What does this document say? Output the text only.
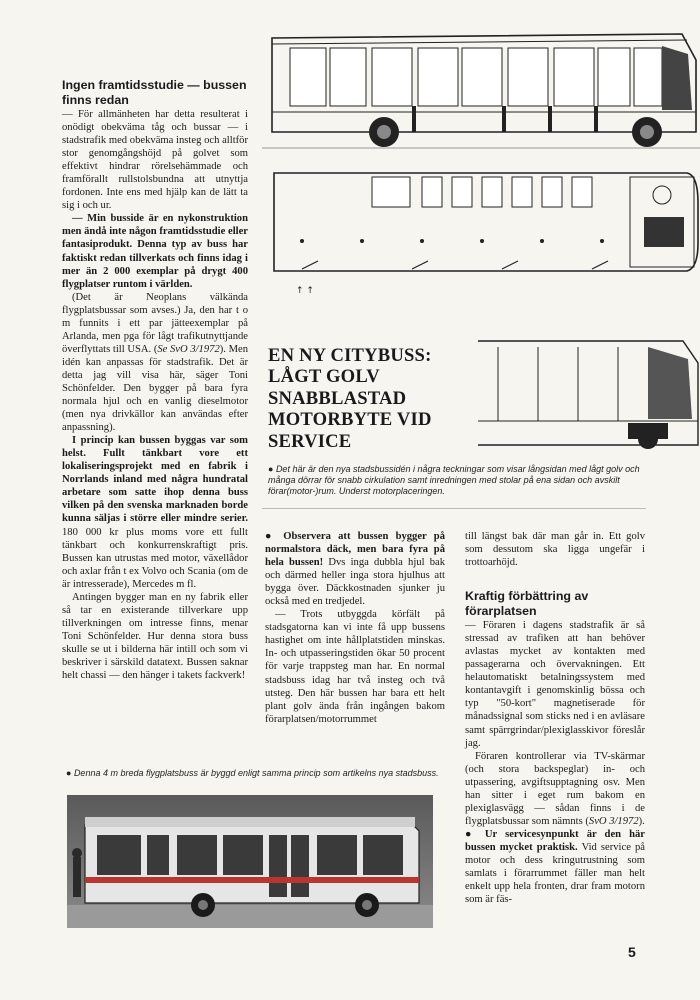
Ingen framtidsstudie — bussen finns redan

— För allmänheten har detta resulterat i onödigt obekväma tåg och bussar — i stadstrafik med obekväma insteg och alltför stor genomgångshöjd på golvet som effektivt hindrar rörelsehämmade och framförallt rullstolsbundna att utnyttja fordonen. Inte ens med hjälp kan de lätt ta sig i och ur.

— Min busside är en nykonstruktion men ändå inte någon framtidsstudie eller fantasiprodukt. Denna typ av buss har faktiskt redan tillverkats och finns idag i mer än 2 000 exemplar på drygt 400 flygplatser runtom i världen.

(Det är Neoplans välkända flygplatsbussar som avses.) Ja, den har t o m funnits i ett par jätteexemplar på Arlanda, men pga för lågt trafikutnyttjande överflyttats till USA. (Se SvO 3/1972). Men idén kan anpassas för stadstrafik. Det är detta jag vill visa här, säger Toni Schönfelder. Den bygger på bara fyra normala hjul och en vanlig dieselmotor (men nya drivkällor kan användas efter anpassning).

I princip kan bussen byggas var som helst. Fullt tänkbart vore ett lokaliseringsprojekt med en fabrik i Norrlands inland med några hundratal arbetare som satte ihop denna buss vilken på den svenska marknaden borde kunna säljas i större eller mindre serier. 180 000 kr plus moms vore ett fullt tänkbart och konkurrenskraftigt pris. Bussen kan utrustas med motor, växellådor och axlar från t ex Volvo och Scania (om de är intresserade), Mercedes m fl.

Antingen bygger man en ny fabrik eller så tar en existerande tillverkare upp tillverkningen om intresse finns, menar Toni Schönfelder. Hur denna stora buss skulle se ut i bilderna här intill och som vi beskriver i särskild datatext. Bussen saknar helt chassi — den hänger i takets fackverk!

↑ ↑
EN NY CITYBUSS: LÅGT GOLV SNABBLASTAD MOTORBYTE VID SERVICE
● Det här är den nya stadsbussidén i några teckningar som visar långsidan med lågt golv och många dörrar för snabb cirkulation samt inredningen med stolar på ena sidan och avskilt förar(motor-)rum. Underst motorplaceringen.

● Observera att bussen bygger på normalstora däck, men bara fyra på hela bussen! Dvs inga dubbla hjul bak och därmed heller inga stora hjulhus att bygga över. Däckkostnaden sjunker ju också med en tredjedel.

— Trots utbyggda körfält på stadsgatorna kan vi inte få upp bussens hastighet om inte hållplatstiden minskas. In- och utpasseringstiden ökar 50 procent för varje trappsteg man har. En normal stadsbuss idag har två insteg och två utsteg. Den här bussen har bara ett helt plant golv ända från ingången bakom förarplatsen/motorrummet

till längst bak där man går in. Ett golv som dessutom ska ligga ungefär i trottoarhöjd.

Kraftig förbättring av förarplatsen

— Föraren i dagens stadstrafik är så stressad av trafiken att han behöver avlastas mycket av kontakten med passagerarna och övervakningen. Ett helautomatiskt betalningssystem med kontantavgift i genomskinlig bössa och typ "50-kort" magnetiserade för månadssignal som sticks ned i en avläsare samt spärrgrindar/plexiglasskivor föreslår jag.

Föraren kontrollerar via TV-skärmar (och stora backspeglar) in- och utpassering, avgiftsupptagning osv. Men han sitter i eget rum bakom en plexiglasvägg — sådan finns i de flygplatsbussar som nämnts (SvO 3/1972).

● Ur servicesynpunkt är den här bussen mycket praktisk. Vid service på motor och dess kringutrustning som samlats i förarrummet fäller man helt enkelt upp hela fronten, drar fram motorn som är fäs-

● Denna 4 m breda flygplatsbuss är byggd enligt samma princip som artikelns nya stadsbuss.
5
